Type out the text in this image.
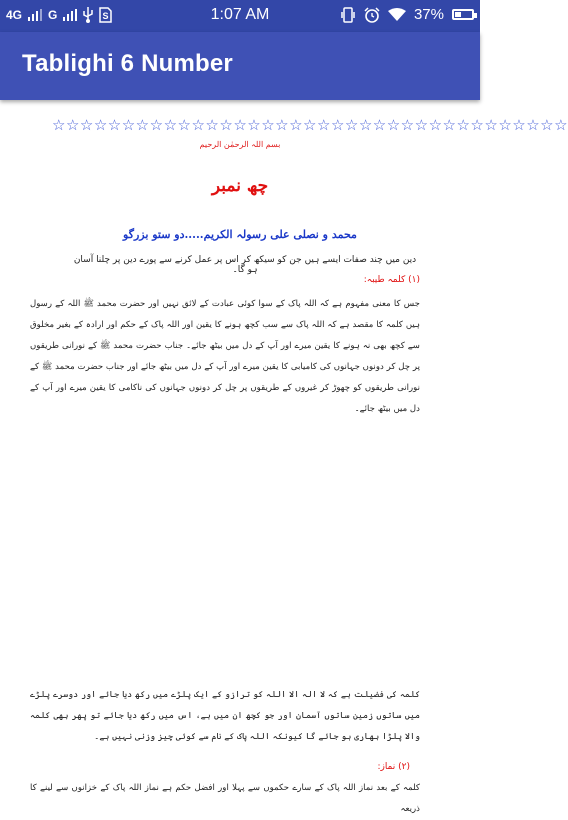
4G G	S	1:07 AM	37%
Tablighi 6 Number
☆☆☆☆☆☆☆☆☆☆☆☆☆☆☆☆☆☆☆☆☆☆☆☆☆☆☆☆☆☆☆☆☆☆☆☆☆
بسم اللہ الرحمٰن الرحیم
چھ نمبر
محمد و نصلی علی رسولہ الکریم.....دو ستو بزرگو
دین میں چند صفات ایسے ہیں جن کو سیکھ کر اس پر عمل کرنے سے پورے دین پر چلنا آسان ہو گا۔
(۱) کلمہ طیبہ:
جس کا معنی مفہوم ہے کہ اللہ پاک کے سوا کوئی عبادت کے لائق نہیں اور حضرت محمد ﷺ اللہ کے رسول ہیں کلمہ کا مقصد ہے کہ اللہ پاک سے سب کچھ ہونے کا یقین اور اللہ پاک کے حکم اور ارادہ کے بغیر مخلوق سے کچھ بھی نہ ہونے کا یقین میرے اور آپ کے دل میں بیٹھ جائے۔ جناب حضرت محمد ﷺ کے نورانی طریقوں پر چل کر دونوں جہانوں کی کامیابی کا یقین میرے اور آپ کے دل میں بیٹھ جائے اور جناب حضرت محمد ﷺ کے نورانی طریقوں کو چھوڑ کر غیروں کے طریقوں پر چل کر دونوں جہانوں کی ناکامی کا یقین میرے اور آپ کے دل میں بیٹھ جائے۔
کلمہ کی فضیلت ہے کہ لا الہ الا اللہ کو ترازو کے ایک پلڑے میں رکھ دیا جائے اور دوسرے پلڑے میں ساتوں زمین ساتوں آسمان اور جو کچھ ان میں ہے، اس میں رکھ دیا جائے تو پھر بھی کلمہ والا پلڑا بھاری ہو جائے گا کیونکہ اللہ پاک کے نام سے کوئی چیز وزنی نہیں ہے۔
(۲) نماز:
کلمہ کے بعد نماز اللہ پاک کے سارے حکموں سے پہلا اور افضل حکم ہے نماز اللہ پاک کے خزانوں سے لینے کا ذریعہ
